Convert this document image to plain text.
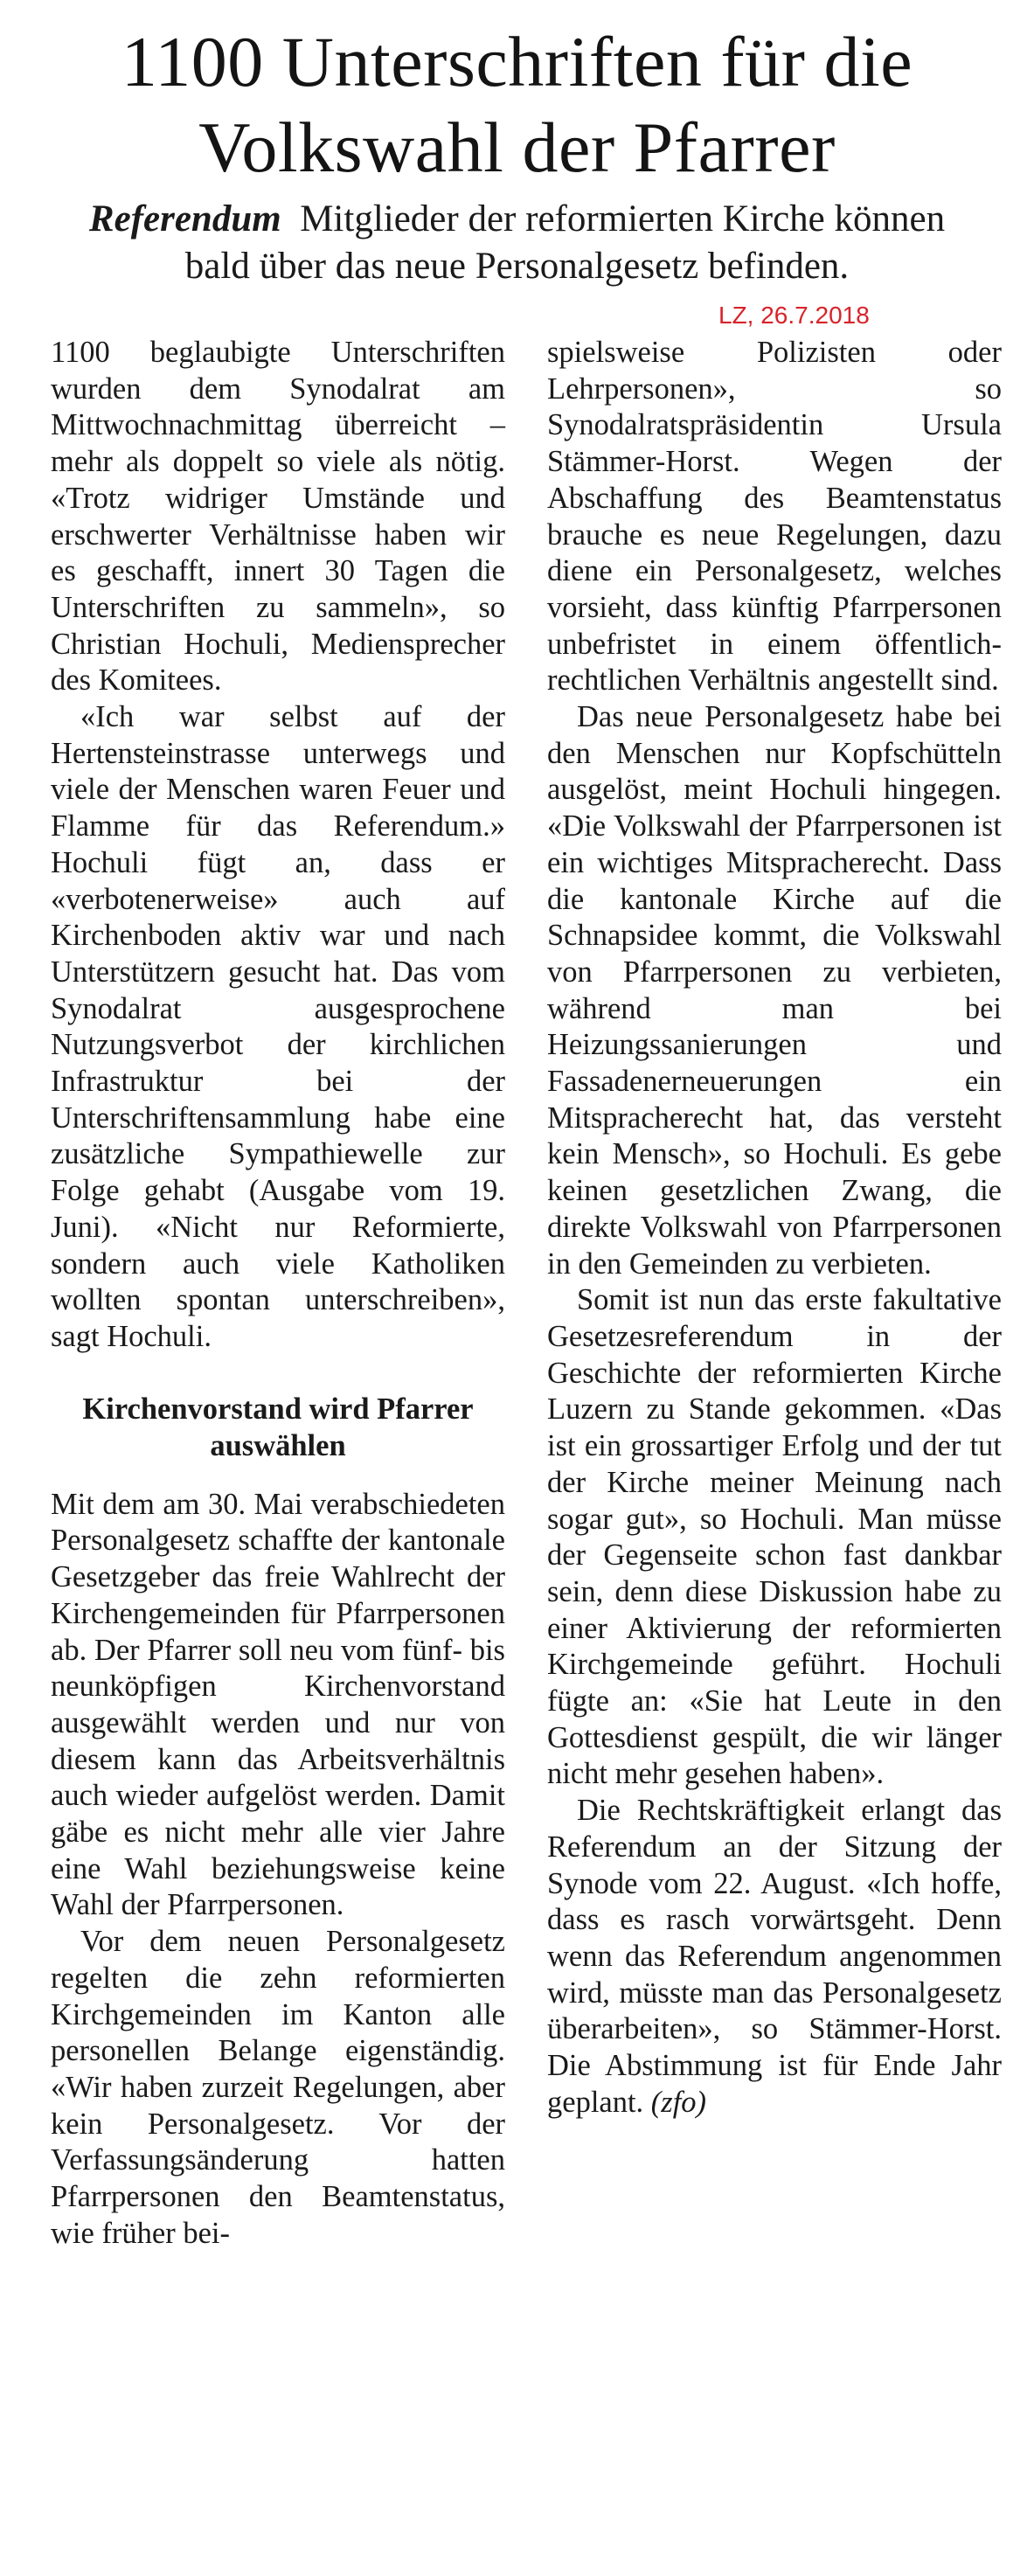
1100 Unterschriften für die Volkswahl der Pfarrer

Referendum Mitglieder der reformierten Kirche können bald über das neue Personalgesetz befinden.

LZ, 26.7.2018

1100 beglaubigte Unterschriften wurden dem Synodalrat am Mittwochnachmittag überreicht – mehr als doppelt so viele als nötig. «Trotz widriger Umstände und erschwerter Verhältnisse haben wir es geschafft, innert 30 Tagen die Unterschriften zu sammeln», so Christian Hochuli, Mediensprecher des Komitees.

«Ich war selbst auf der Hertensteinstrasse unterwegs und viele der Menschen waren Feuer und Flamme für das Referendum.» Hochuli fügt an, dass er «verbotenerweise» auch auf Kirchenboden aktiv war und nach Unterstützern gesucht hat. Das vom Synodalrat ausgesprochene Nutzungsverbot der kirchlichen Infrastruktur bei der Unterschriftensammlung habe eine zusätzliche Sympathiewelle zur Folge gehabt (Ausgabe vom 19. Juni). «Nicht nur Reformierte, sondern auch viele Katholiken wollten spontan unterschreiben», sagt Hochuli.

Kirchenvorstand wird Pfarrer auswählen

Mit dem am 30. Mai verabschiedeten Personalgesetz schaffte der kantonale Gesetzgeber das freie Wahlrecht der Kirchengemeinden für Pfarrpersonen ab. Der Pfarrer soll neu vom fünf- bis neunköpfigen Kirchenvorstand ausgewählt werden und nur von diesem kann das Arbeitsverhältnis auch wieder aufgelöst werden. Damit gäbe es nicht mehr alle vier Jahre eine Wahl beziehungsweise keine Wahl der Pfarrpersonen.

Vor dem neuen Personalgesetz regelten die zehn reformierten Kirchgemeinden im Kanton alle personellen Belange eigenständig. «Wir haben zurzeit Regelungen, aber kein Personalgesetz. Vor der Verfassungsänderung hatten Pfarrpersonen den Beamtenstatus, wie früher bei-

spielsweise Polizisten oder Lehrpersonen», so Synodalratspräsidentin Ursula Stämmer-Horst. Wegen der Abschaffung des Beamtenstatus brauche es neue Regelungen, dazu diene ein Personalgesetz, welches vorsieht, dass künftig Pfarrpersonen unbefristet in einem öffentlich-rechtlichen Verhältnis angestellt sind.

Das neue Personalgesetz habe bei den Menschen nur Kopfschütteln ausgelöst, meint Hochuli hingegen. «Die Volkswahl der Pfarrpersonen ist ein wichtiges Mitspracherecht. Dass die kantonale Kirche auf die Schnapsidee kommt, die Volkswahl von Pfarrpersonen zu verbieten, während man bei Heizungssanierungen und Fassadenerneuerungen ein Mitspracherecht hat, das versteht kein Mensch», so Hochuli. Es gebe keinen gesetzlichen Zwang, die direkte Volkswahl von Pfarrpersonen in den Gemeinden zu verbieten.

Somit ist nun das erste fakultative Gesetzesreferendum in der Geschichte der reformierten Kirche Luzern zu Stande gekommen. «Das ist ein grossartiger Erfolg und der tut der Kirche meiner Meinung nach sogar gut», so Hochuli. Man müsse der Gegenseite schon fast dankbar sein, denn diese Diskussion habe zu einer Aktivierung der reformierten Kirchgemeinde geführt. Hochuli fügte an: «Sie hat Leute in den Gottesdienst gespült, die wir länger nicht mehr gesehen haben».

Die Rechtskräftigkeit erlangt das Referendum an der Sitzung der Synode vom 22. August. «Ich hoffe, dass es rasch vorwärtsgeht. Denn wenn das Referendum angenommen wird, müsste man das Personalgesetz überarbeiten», so Stämmer-Horst. Die Abstimmung ist für Ende Jahr geplant. (zfo)
